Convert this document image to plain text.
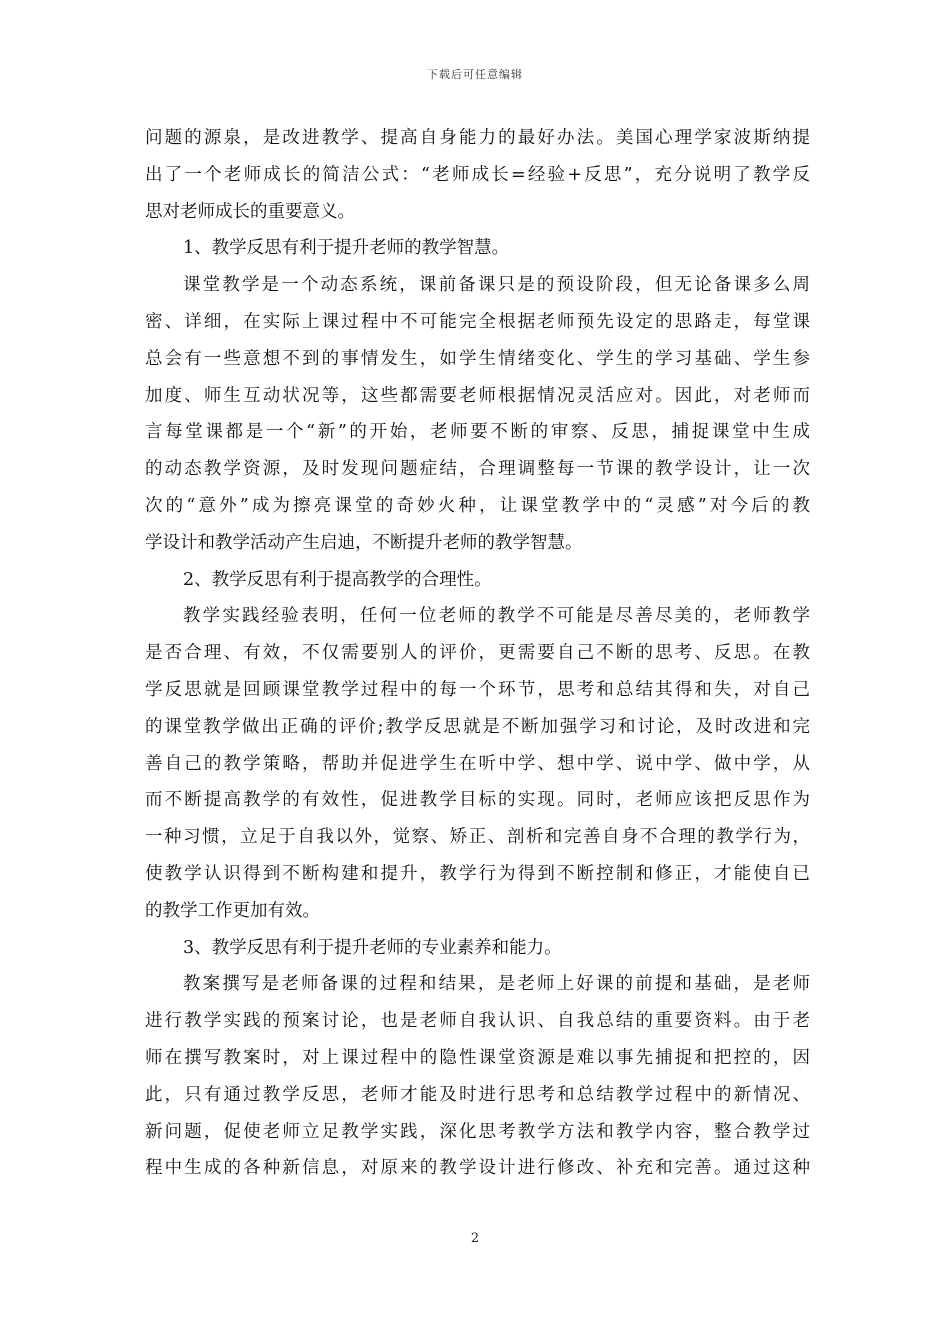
下载后可任意编辑

问题的源泉，是改进教学、提高自身能力的最好办法。美国心理学家波斯纳提

出了一个老师成长的简洁公式：“老师成长=经验+反思”，充分说明了教学反

思对老师成长的重要意义。

1、教学反思有利于提升老师的教学智慧。

课堂教学是一个动态系统，课前备课只是的预设阶段，但无论备课多么周

密、详细，在实际上课过程中不可能完全根据老师预先设定的思路走，每堂课

总会有一些意想不到的事情发生，如学生情绪变化、学生的学习基础、学生参

加度、师生互动状况等，这些都需要老师根据情况灵活应对。因此，对老师而

言每堂课都是一个“新”的开始，老师要不断的审察、反思，捕捉课堂中生成

的动态教学资源，及时发现问题症结，合理调整每一节课的教学设计，让一次

次的“意外”成为擦亮课堂的奇妙火种，让课堂教学中的“灵感”对今后的教

学设计和教学活动产生启迪，不断提升老师的教学智慧。

2、教学反思有利于提高教学的合理性。

教学实践经验表明，任何一位老师的教学不可能是尽善尽美的，老师教学

是否合理、有效，不仅需要别人的评价，更需要自己不断的思考、反思。在教

学反思就是回顾课堂教学过程中的每一个环节，思考和总结其得和失，对自己

的课堂教学做出正确的评价;教学反思就是不断加强学习和讨论，及时改进和完

善自己的教学策略，帮助并促进学生在听中学、想中学、说中学、做中学，从

而不断提高教学的有效性，促进教学目标的实现。同时，老师应该把反思作为

一种习惯，立足于自我以外，觉察、矫正、剖析和完善自身不合理的教学行为，

使教学认识得到不断构建和提升，教学行为得到不断控制和修正，才能使自已

的教学工作更加有效。

3、教学反思有利于提升老师的专业素养和能力。

教案撰写是老师备课的过程和结果，是老师上好课的前提和基础，是老师

进行教学实践的预案讨论，也是老师自我认识、自我总结的重要资料。由于老

师在撰写教案时，对上课过程中的隐性课堂资源是难以事先捕捉和把控的，因

此，只有通过教学反思，老师才能及时进行思考和总结教学过程中的新情况、

新问题，促使老师立足教学实践，深化思考教学方法和教学内容，整合教学过

程中生成的各种新信息，对原来的教学设计进行修改、补充和完善。通过这种

2
